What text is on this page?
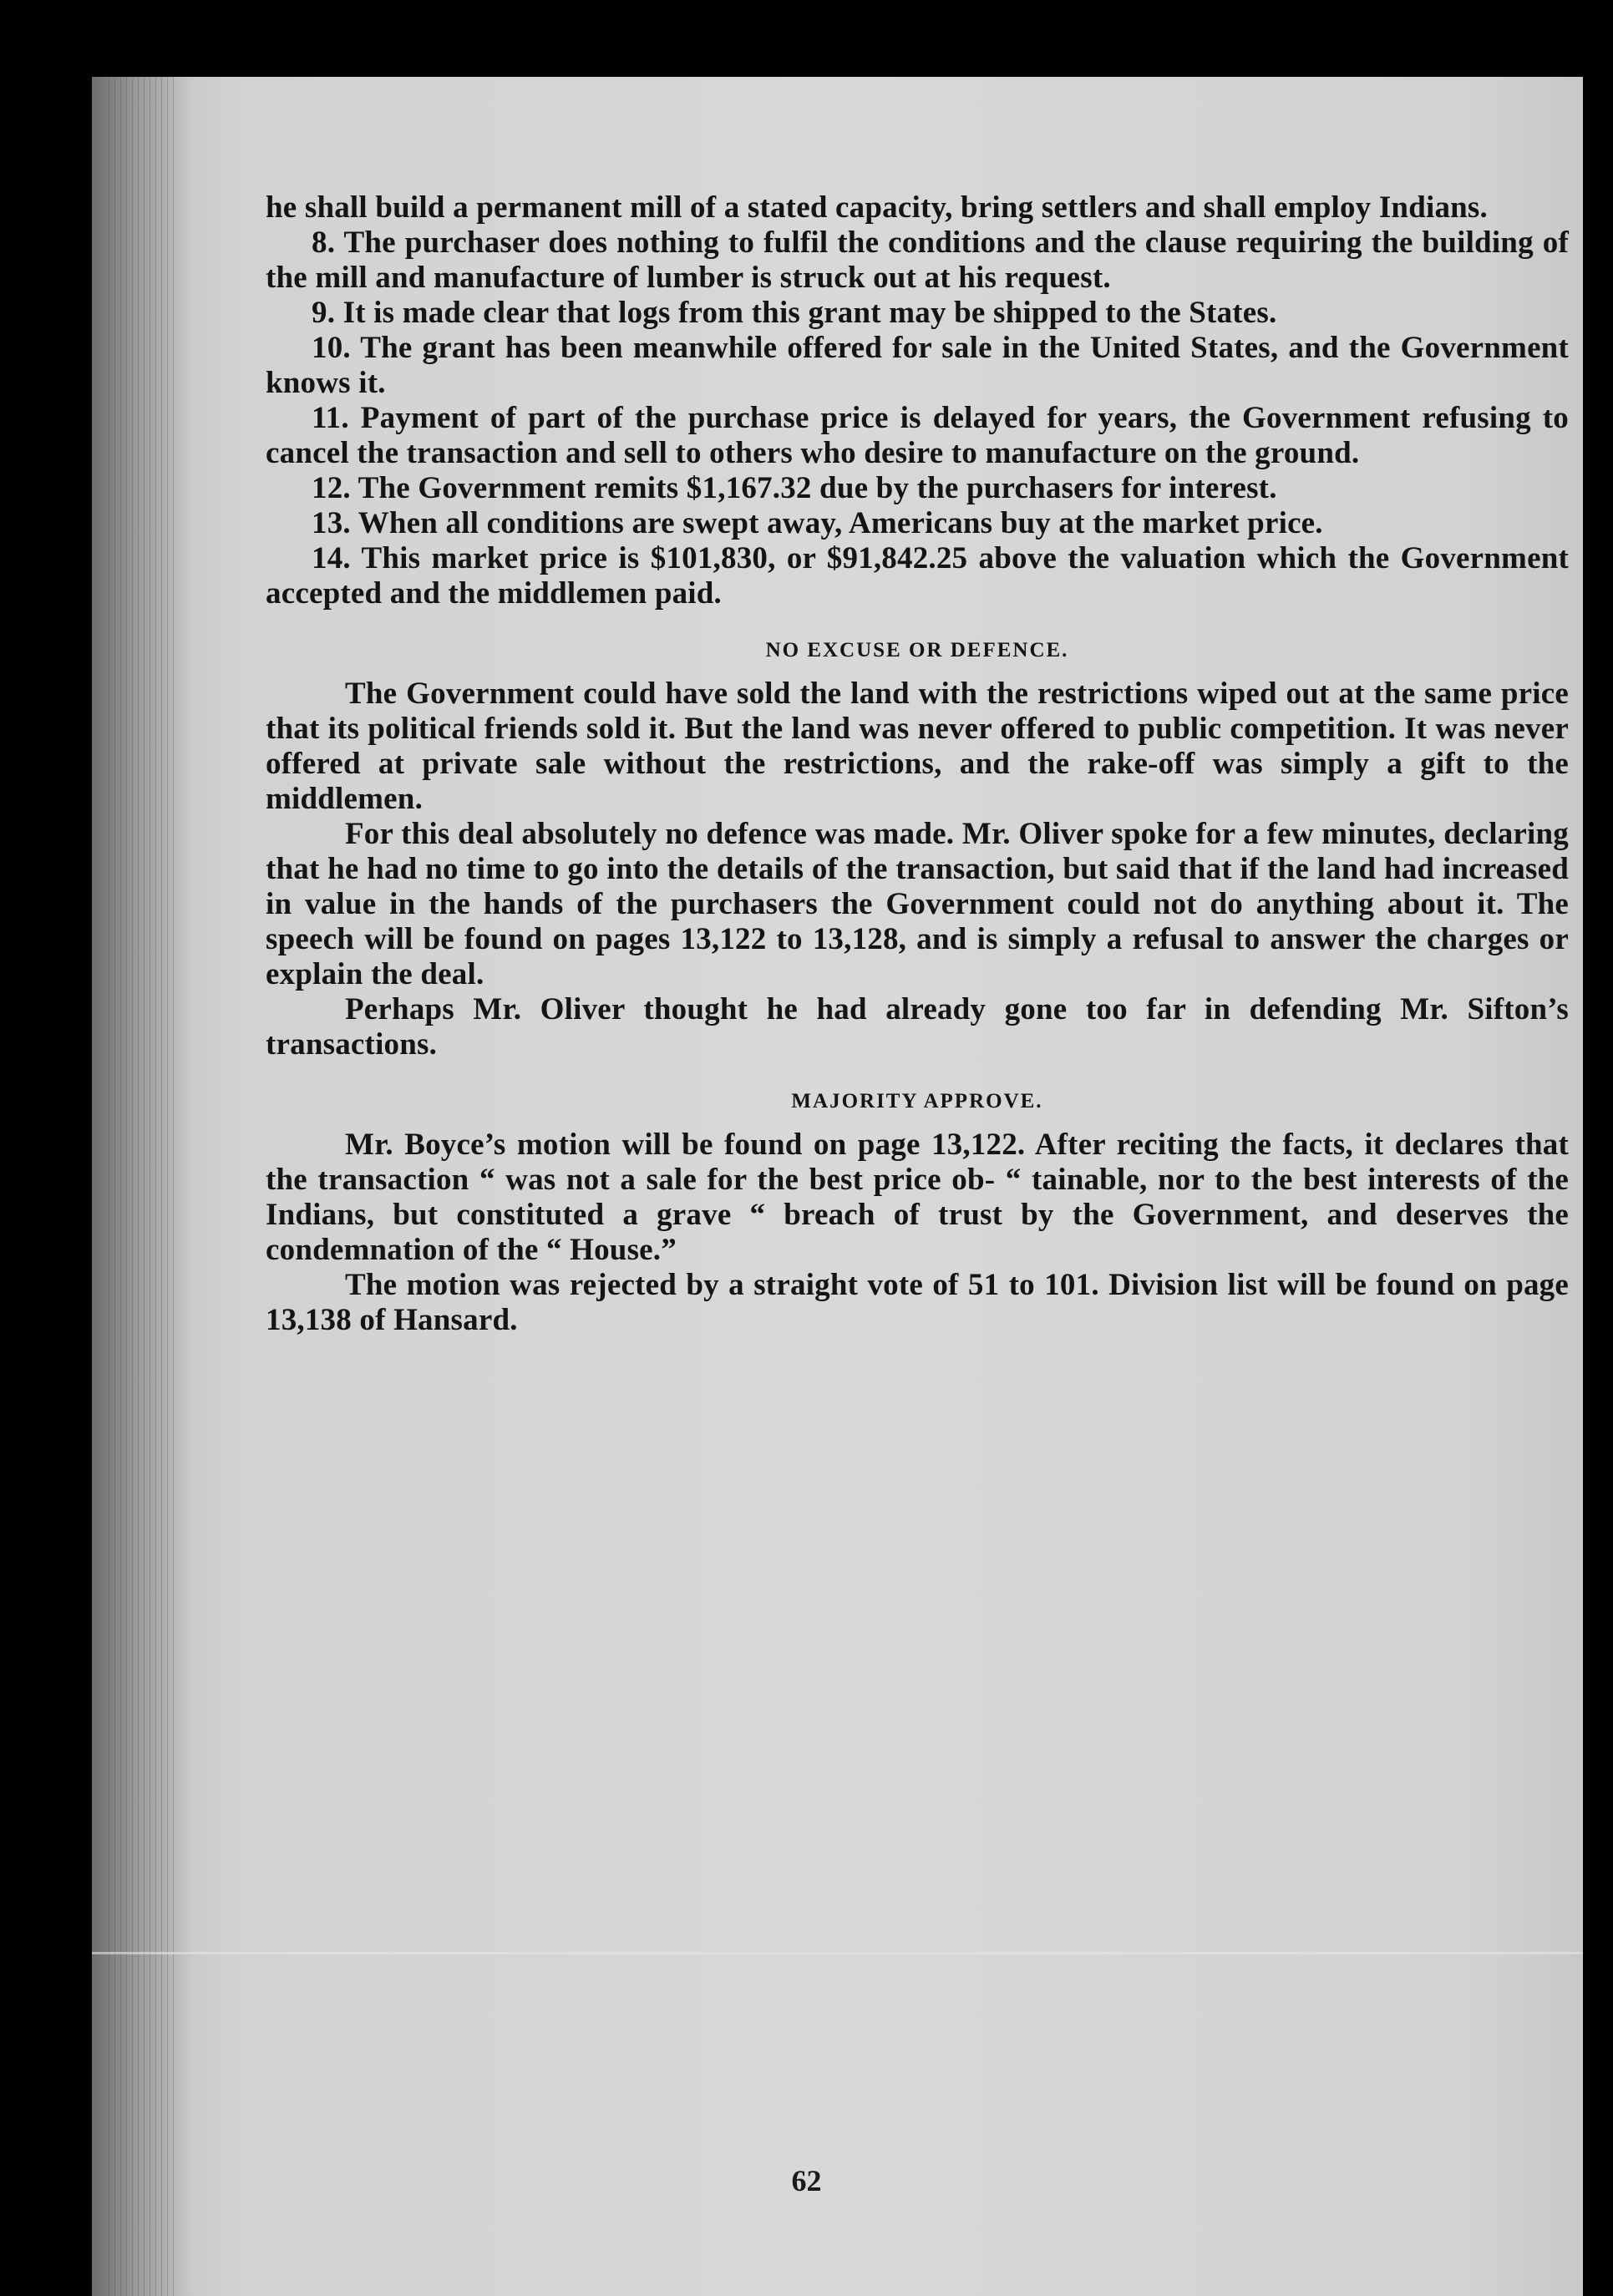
he shall build a permanent mill of a stated capacity, bring settlers and shall employ Indians.

8. The purchaser does nothing to fulfil the conditions and the clause requiring the building of the mill and manufacture of lumber is struck out at his request.

9. It is made clear that logs from this grant may be shipped to the States.

10. The grant has been meanwhile offered for sale in the United States, and the Government knows it.

11. Payment of part of the purchase price is delayed for years, the Government refusing to cancel the transaction and sell to others who desire to manufacture on the ground.

12. The Government remits $1,167.32 due by the purchasers for interest.

13. When all conditions are swept away, Americans buy at the market price.

14. This market price is $101,830, or $91,842.25 above the valuation which the Government accepted and the middlemen paid.

NO EXCUSE OR DEFENCE.

The Government could have sold the land with the restrictions wiped out at the same price that its political friends sold it. But the land was never offered to public competition. It was never offered at private sale without the restrictions, and the rake-off was simply a gift to the middlemen.

For this deal absolutely no defence was made. Mr. Oliver spoke for a few minutes, declaring that he had no time to go into the details of the transaction, but said that if the land had increased in value in the hands of the purchasers the Government could not do anything about it. The speech will be found on pages 13,122 to 13,128, and is simply a refusal to answer the charges or explain the deal.

Perhaps Mr. Oliver thought he had already gone too far in defending Mr. Sifton’s transactions.

MAJORITY APPROVE.

Mr. Boyce’s motion will be found on page 13,122. After reciting the facts, it declares that the transaction “ was not a sale for the best price ob- “ tainable, nor to the best interests of the Indians, but constituted a grave “ breach of trust by the Government, and deserves the condemnation of the “ House.”

The motion was rejected by a straight vote of 51 to 101. Division list will be found on page 13,138 of Hansard.

62
